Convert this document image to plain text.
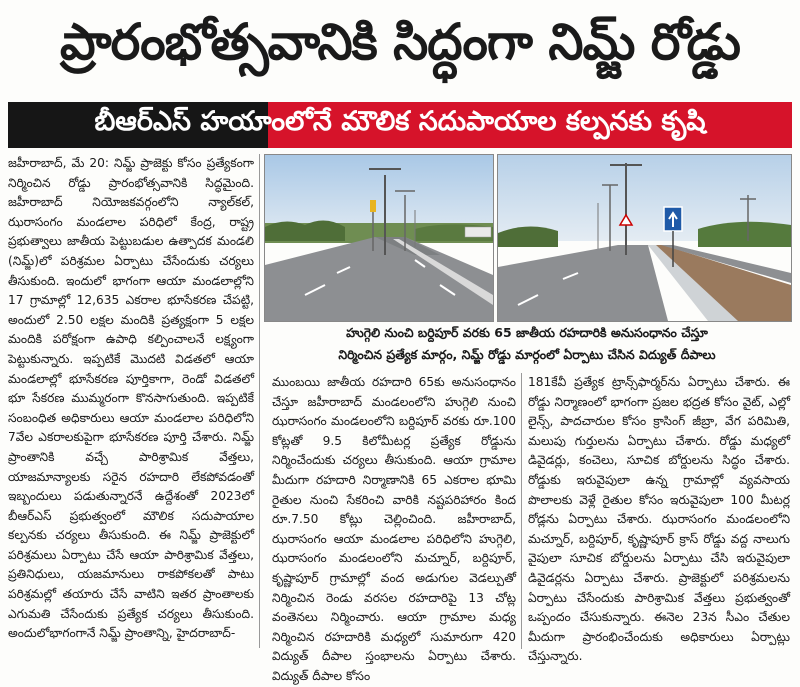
ప్రారంభోత్సవానికి సిద్ధంగా నిమ్జ్ రోడ్డు
బీఆర్ఎస్ హయాంలోనే మౌలిక సదుపాయాల కల్పనకు కృషి

జహీరాబాద్, మే 20: నిమ్జ్ ప్రాజెక్టు కోసం ప్రత్యేకంగా నిర్మించిన రోడ్డు ప్రారంభోత్సవానికి సిద్ధమైంది. జహీరాబాద్ నియోజకవర్గంలోని న్యాల్‌కల్, ఝరాసంగం మండలాల పరిధిలో కేంద్ర, రాష్ట్ర ప్రభుత్వాలు జాతీయ పెట్టుబడుల ఉత్పాదక మండలి (నిమ్జ్)లో పరిశ్రమల ఏర్పాటు చేసేందుకు చర్యలు తీసుకుంది. ఇందులో భాగంగా ఆయా మండలాల్లోని 17 గ్రామాల్లో 12,635 ఎకరాల భూసేకరణ చేపట్టి, అందులో 2.50 లక్షల మందికి ప్రత్యక్షంగా 5 లక్షల మందికి పరోక్షంగా ఉపాధి కల్పించాలనే లక్ష్యంగా పెట్టుకున్నారు. ఇప్పటికే మొదటి విడతలో ఆయా మండలాల్లో భూసేకరణ పూర్తికాగా, రెండో విడతలో భూ సేకరణ ముమ్మరంగా కొనసాగుతుంది. ఇప్పటికే సంబంధిత అధికారులు ఆయా మండలాల పరిధిలోని 7వేల ఎకరాలకుపైగా భూసేకరణ పూర్తి చేశారు. నిమ్జ్ ప్రాంతానికి వచ్చే పారిశ్రామిక వేత్తలు, యాజమాన్యాలకు సరైన రహదారి లేకపోవడంతో ఇబ్బందులు పడుతున్నారనే ఉద్దేశంతో 2023లో బీఆర్ఎస్ ప్రభుత్వంలో మౌలిక సదుపాయాల కల్పనకు చర్యలు తీసుకుంది. ఈ నిమ్జ్ ప్రాజెక్టులో పరిశ్రమలు ఏర్పాటు చేసే ఆయా పారిశ్రామిక వేత్తలు, ప్రతినిధులు, యజమానులు రాకపోకలతో పాటు పరిశ్రమల్లో తయారు చేసే వాటిని ఇతర ప్రాంతాలకు ఎగుమతి చేసేందుకు ప్రత్యేక చర్యలు తీసుకుంది. అందులోభాగంగానే నిమ్జ్ ప్రాంతాన్ని, హైదరాబాద్-

హుగ్గెలి నుంచి బర్దిపూర్ వరకు 65 జాతీయ రహదారికి అనుసంధానం చేస్తూ
నిర్మించిన ప్రత్యేక మార్గం, నిమ్జ్ రోడ్డు మార్గంలో ఏర్పాటు చేసిన విద్యుత్ దీపాలు

ముంబయి జాతీయ రహదారి 65కు అనుసంధానం చేస్తూ జహీరాబాద్ మండలంలోని హుగ్గెలి నుంచి ఝరాసంగం మండలంలోని బర్దిపూర్ వరకు రూ.100 కోట్లతో 9.5 కిలోమీటర్ల ప్రత్యేక రోడ్డును నిర్మించేందుకు చర్యలు తీసుకుంది. ఆయా గ్రామాల మీదుగా రహదారి నిర్మాణానికి 65 ఎకరాల భూమి రైతుల నుంచి సేకరించి వారికి నష్టపరిహారం కింద రూ.7.50 కోట్లు చెల్లించింది. జహీరాబాద్, ఝరాసంగం ఆయా మండలాల పరిధిలోని హుగ్గెలి, ఝరాసంగం మండలంలోని మచ్నూర్, బర్దిపూర్, కృష్ణాపూర్ గ్రామాల్లో వంద అడుగుల వెడల్పుతో నిర్మించిన రెండు వరసల రహదారిపై 13 చోట్ల వంతెనలు నిర్మించారు. ఆయా గ్రామాల మధ్య నిర్మించిన రహదారికి మధ్యలో సుమారుగా 420 విద్యుత్ దీపాల స్తంభాలను ఏర్పాటు చేశారు. విద్యుత్ దీపాల కోసం

181కేవీ ప్రత్యేక ట్రాన్స్‌ఫార్మర్‌ను ఏర్పాటు చేశారు. ఈ రోడ్డు నిర్మాణంలో భాగంగా ప్రజల భద్రత కోసం వైట్, ఎల్లో లైన్స్, పాదచారుల కోసం క్రాసింగ్ జీబ్రా, వేగ పరిమితి, మలుపు గుర్తులను ఏర్పాటు చేశారు. రోడ్డు మధ్యలో డివైడర్లు, కంచెలు, సూచిక బోర్డులను సిద్ధం చేశారు. రోడ్డుకు ఇరువైపులా ఉన్న గ్రామాల్లో వ్యవసాయ పొలాలకు వెళ్లే రైతుల కోసం ఇరువైపులా 100 మీటర్ల రోడ్లను ఏర్పాటు చేశారు. ఝరాసంగం మండలంలోని మచ్నూర్, బర్దిపూర్, కృష్ణాపూర్ క్రాస్ రోడ్డు వద్ద నాలుగు వైపులా సూచిక బోర్డులను ఏర్పాటు చేసి ఇరువైపులా డివైడర్లను ఏర్పాటు చేశారు. ప్రాజెక్టులో పరిశ్రమలను ఏర్పాటు చేసేందుకు పారిశ్రామిక వేత్తలు ప్రభుత్వంతో ఒప్పందం చేసుకున్నారు. ఈనెల 23న సీఎం చేతుల మీదుగా ప్రారంభించేందుకు అధికారులు ఏర్పాట్లు చేస్తున్నారు.
